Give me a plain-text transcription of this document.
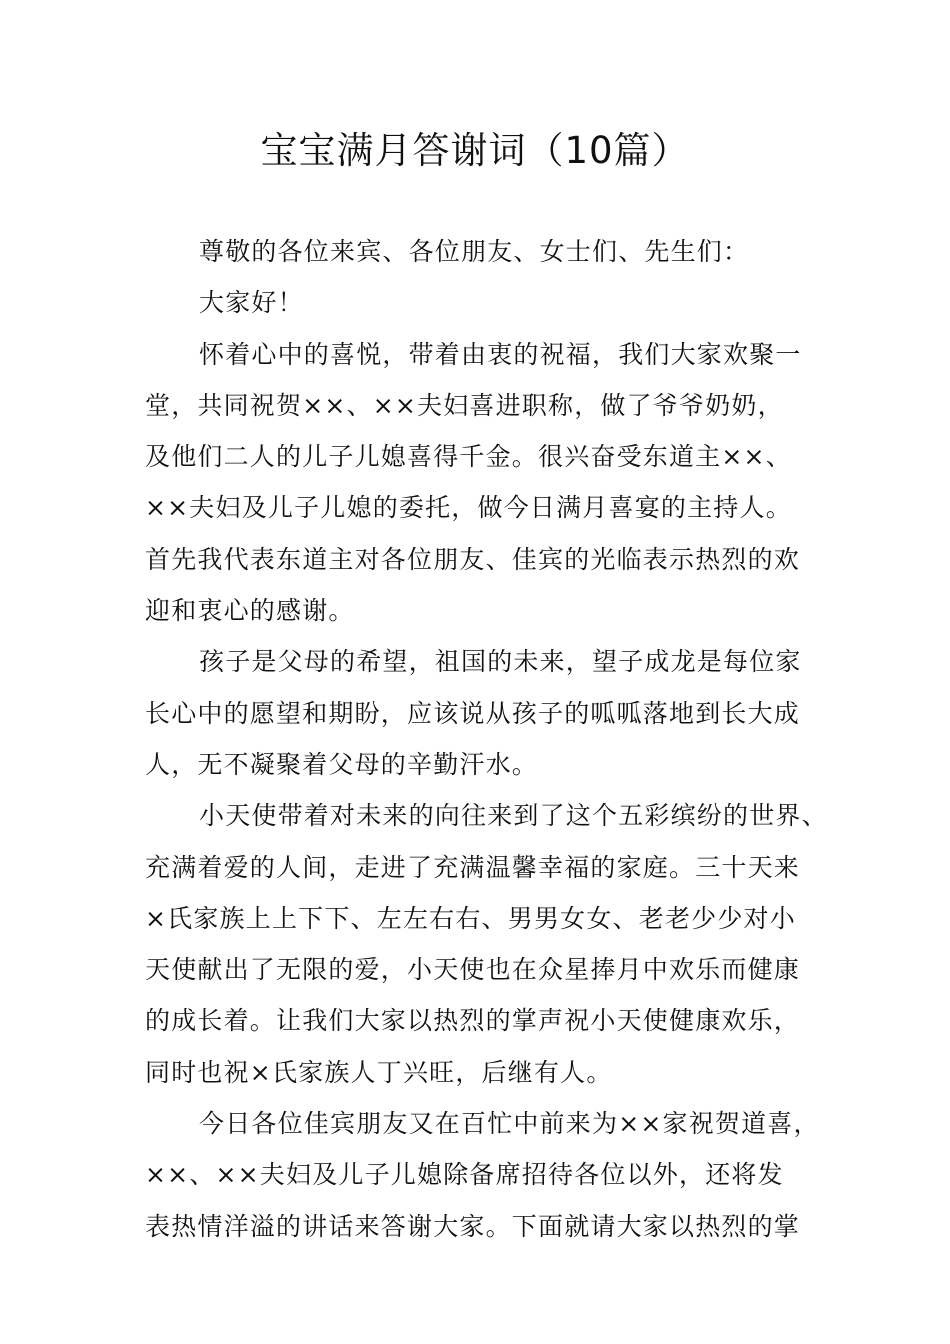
宝宝满月答谢词（10篇）
尊敬的各位来宾、各位朋友、女士们、先生们：
大家好！
怀着心中的喜悦，带着由衷的祝福，我们大家欢聚一
堂，共同祝贺××、××夫妇喜进职称，做了爷爷奶奶，
及他们二人的儿子儿媳喜得千金。很兴奋受东道主××、
××夫妇及儿子儿媳的委托，做今日满月喜宴的主持人。
首先我代表东道主对各位朋友、佳宾的光临表示热烈的欢
迎和衷心的感谢。
孩子是父母的希望，祖国的未来，望子成龙是每位家
长心中的愿望和期盼，应该说从孩子的呱呱落地到长大成
人，无不凝聚着父母的辛勤汗水。
小天使带着对未来的向往来到了这个五彩缤纷的世界、
充满着爱的人间，走进了充满温馨幸福的家庭。三十天来
×氏家族上上下下、左左右右、男男女女、老老少少对小
天使献出了无限的爱，小天使也在众星捧月中欢乐而健康
的成长着。让我们大家以热烈的掌声祝小天使健康欢乐，
同时也祝×氏家族人丁兴旺，后继有人。
今日各位佳宾朋友又在百忙中前来为××家祝贺道喜，
××、××夫妇及儿子儿媳除备席招待各位以外，还将发
表热情洋溢的讲话来答谢大家。下面就请大家以热烈的掌
